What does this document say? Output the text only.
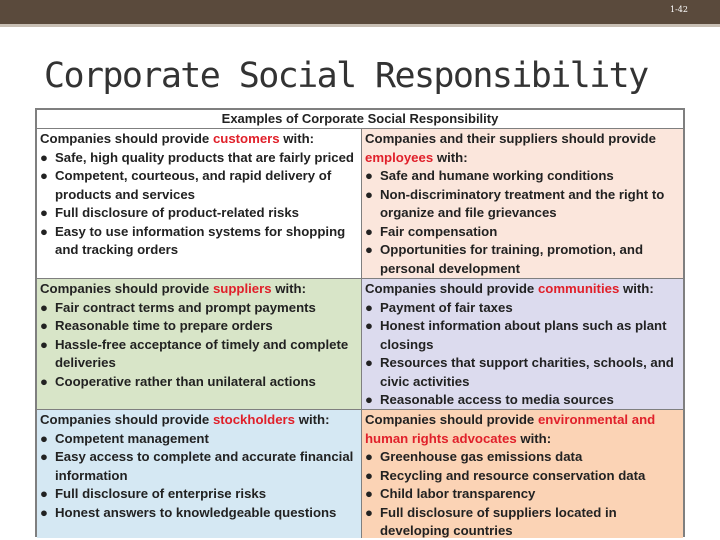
1-42
Corporate Social Responsibility
Examples of Corporate Social Responsibility
Companies should provide customers with:
● Safe, high quality products that are fairly priced
● Competent, courteous, and rapid delivery of products and services
● Full disclosure of product-related risks
● Easy to use information systems for shopping and tracking orders
Companies and their suppliers should provide employees with:
● Safe and humane working conditions
● Non-discriminatory treatment and the right to organize and file grievances
● Fair compensation
● Opportunities for training, promotion, and personal development
Companies should provide suppliers with:
● Fair contract terms and prompt payments
● Reasonable time to prepare orders
● Hassle-free acceptance of timely and complete deliveries
● Cooperative rather than unilateral actions
Companies should provide communities with:
● Payment of fair taxes
● Honest information about plans such as plant closings
● Resources that support charities, schools, and civic activities
● Reasonable access to media sources
Companies should provide stockholders with:
● Competent management
● Easy access to complete and accurate financial information
● Full disclosure of enterprise risks
● Honest answers to knowledgeable questions
Companies should provide environmental and human rights advocates with:
● Greenhouse gas emissions data
● Recycling and resource conservation data
● Child labor transparency
● Full disclosure of suppliers located in developing countries
